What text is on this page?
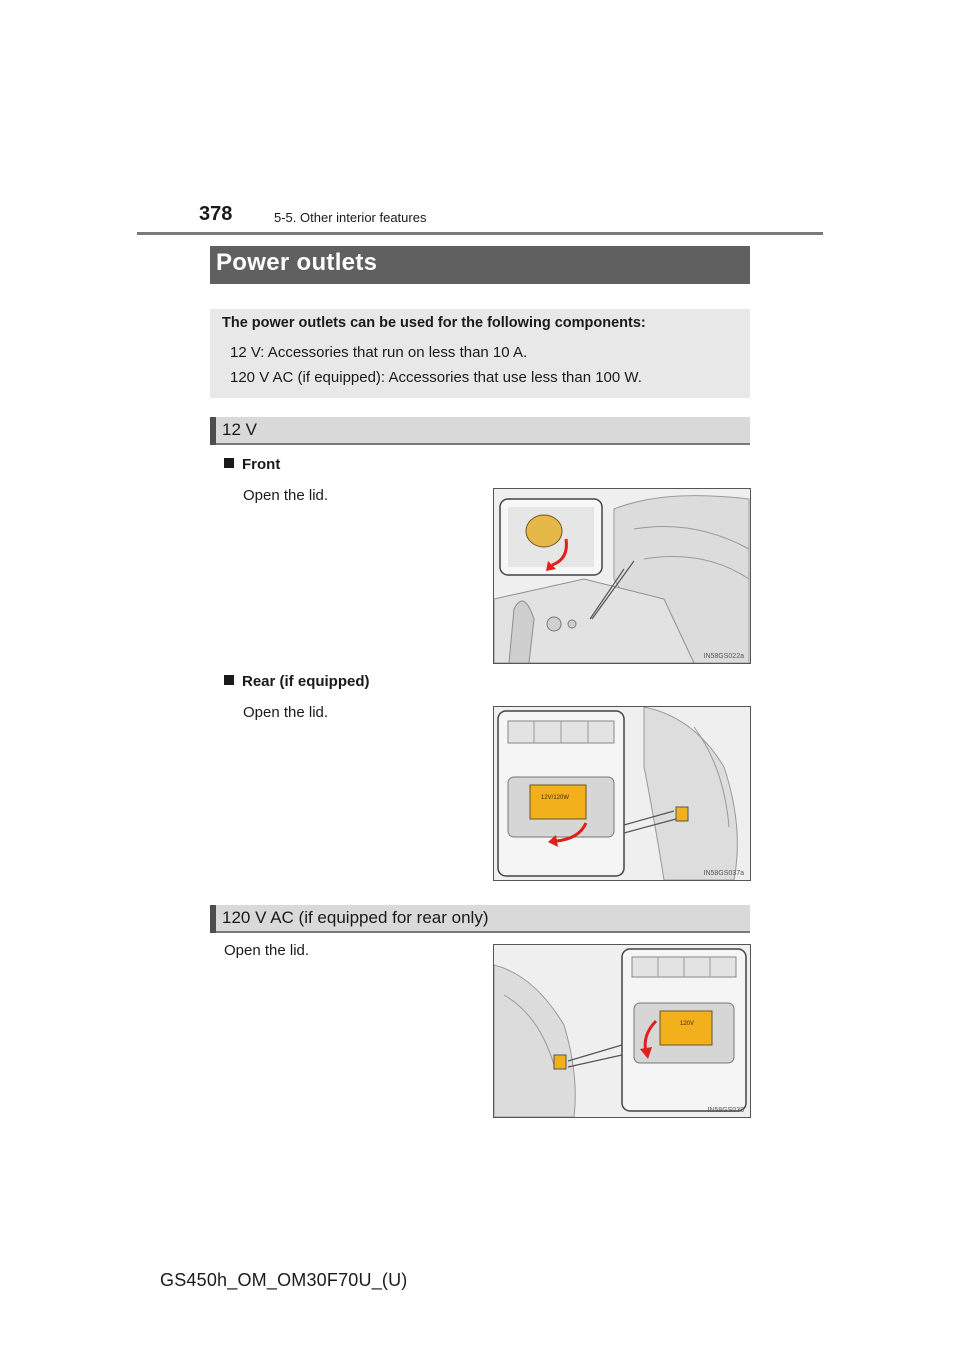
378	5-5. Other interior features
Power outlets
The power outlets can be used for the following components:
12 V: Accessories that run on less than 10 A.
120 V AC (if equipped): Accessories that use less than 100 W.
12 V
Front
Open the lid.
IN58GS022a
Rear (if equipped)
Open the lid.
12V/120W
IN58GS037a
120 V AC (if equipped for rear only)
Open the lid.
120V
IN58GS038
GS450h_OM_OM30F70U_(U)
